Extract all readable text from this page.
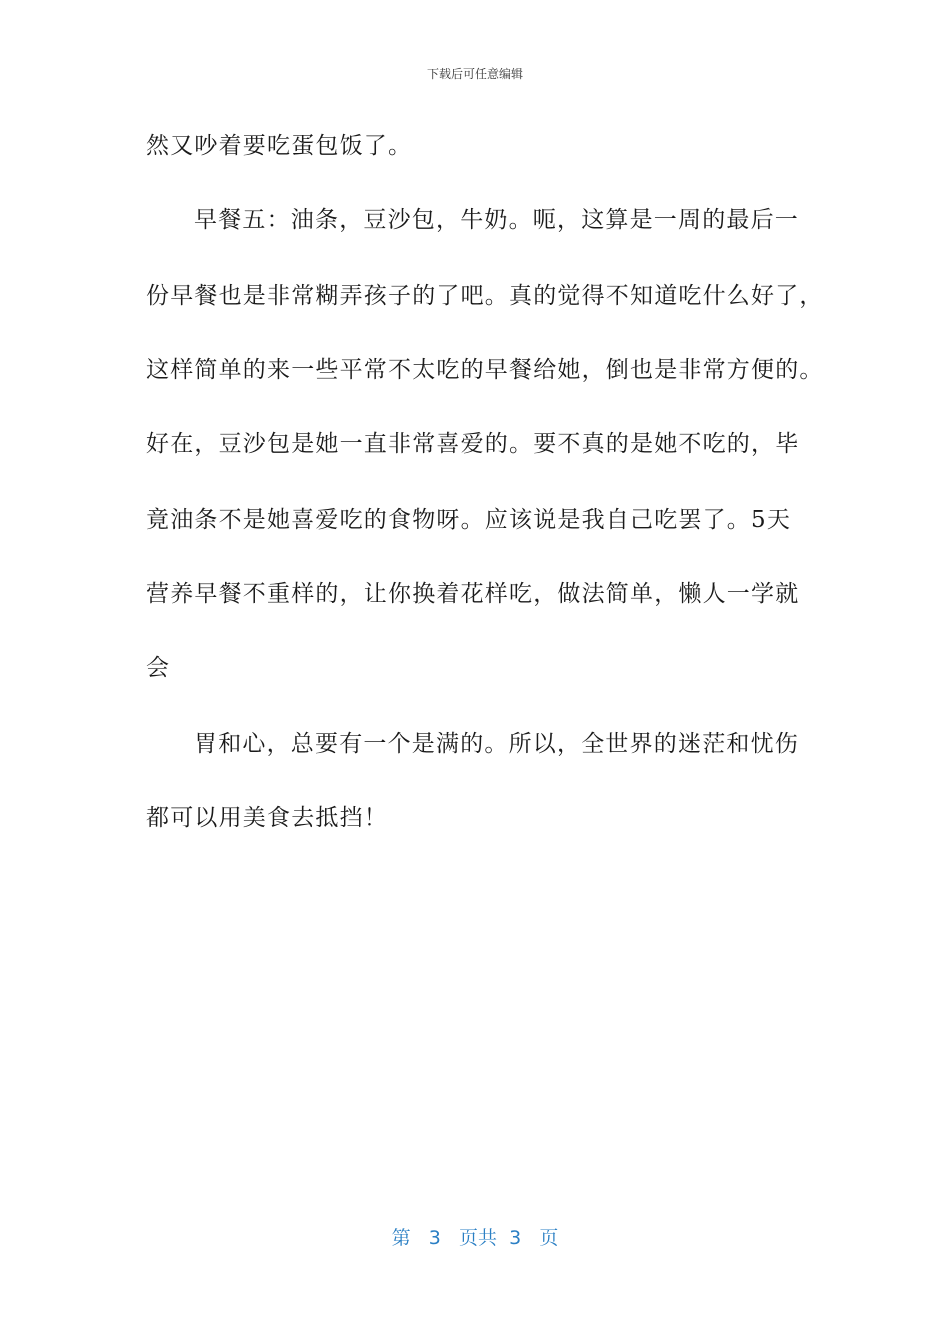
下载后可任意编辑
然又吵着要吃蛋包饭了。
早餐五：油条，豆沙包，牛奶。呃，这算是一周的最后一
份早餐也是非常糊弄孩子的了吧。真的觉得不知道吃什么好了，
这样简单的来一些平常不太吃的早餐给她，倒也是非常方便的。
好在，豆沙包是她一直非常喜爱的。要不真的是她不吃的，毕
竟油条不是她喜爱吃的食物呀。应该说是我自己吃罢了。5天
营养早餐不重样的，让你换着花样吃，做法简单，懒人一学就
会
胃和心，总要有一个是满的。所以，全世界的迷茫和忧伤
都可以用美食去抵挡！
第 3 页共 3 页
